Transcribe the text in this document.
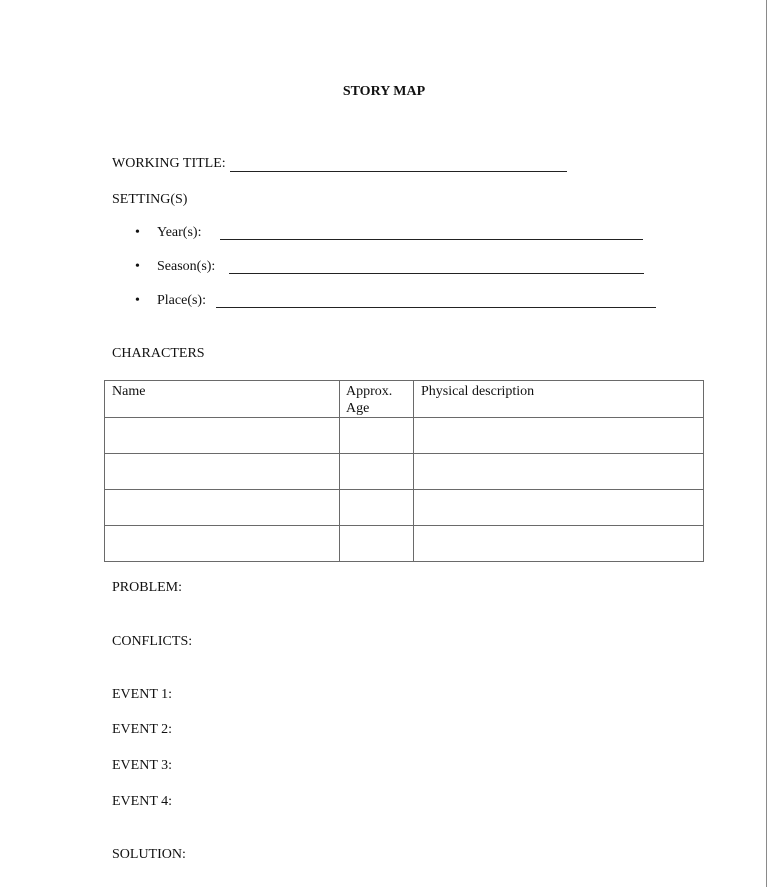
STORY MAP
WORKING TITLE:
SETTING(S)
• Year(s):
• Season(s):
• Place(s):
CHARACTERS
Name	Approx. Age	Physical description

PROBLEM:
CONFLICTS:
EVENT 1:
EVENT 2:
EVENT 3:
EVENT 4:
SOLUTION:
